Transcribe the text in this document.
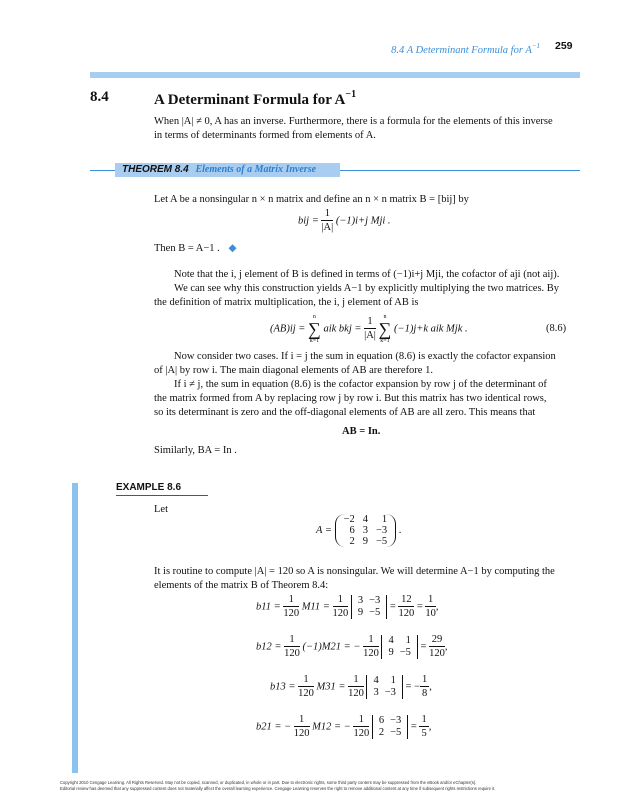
8.4 A Determinant Formula for $A^{-1}$ 259
8.4	A Determinant Formula for $A^{-1}$
When |A| ≠ 0, A has an inverse. Furthermore, there is a formula for the elements of this inverse
in terms of determinants formed from elements of A.
THEOREM 8.4 Elements of a Matrix Inverse
Let A be a nonsingular n × n matrix and define an n × n matrix B = [bij] by
bij = $\frac{1}{|A|} (-1)i+j$ Mji .
Then B = A−1 . ◆
Note that the i, j element of B is defined in terms of (−1)i+j Mji, the cofactor of aji (not aij).
We can see why this construction yields A−1 by explicitly multiplying the two matrices. By
the definition of matrix multiplication, the i, j element of AB is
(AB)ij =
n
∑
k=1
aik bkj = $\frac{1}{|A|}$
	n
∑
k=1
(−1)j+k aik Mjk .	(8.6)
Now consider two cases. If i = j the sum in equation (8.6) is exactly the cofactor expansion
of |A| by row i. The main diagonal elements of AB are therefore 1.
If i ≠ j, the sum in equation (8.6) is the cofactor expansion by row j of the determinant of
the matrix formed from A by replacing row j by row i. But this matrix has two identical rows,
so its determinant is zero and the off-diagonal elements of AB are all zero. This means that
AB = In.
Similarly, BA = In .
EXAMPLE 8.6
Let
A =
−2	4	1
6	3	−3
2	9	−5
.
It is routine to compute |A| = 120 so A is nonsingular. We will determine A−1 by computing the
elements of the matrix B of Theorem 8.4:
$b11 = \frac{1}{120} M11 = \frac{1}{120}$
3	−3
9	−5
= $\frac{12}{120} = \frac{1}{10}$ ,
$b12 = \frac{1}{120} (-1)M21$ = − $\frac{1}{120}$
4	1
9	−5
= $\frac{29}{120}$ ,
$b13 = \frac{1}{120} M31 = \frac{1}{120}$
4	1
3	−3
= − $\frac{1}{8}$ ,
b21 = − $\frac{1}{120} M12$ = − $\frac{1}{120}$
6	−3
2	−5
= $\frac{1}{5}$ ,
Copyright 2010 Cengage Learning. All Rights Reserved. May not be copied, scanned, or duplicated, in whole or in part. Due to electronic rights, some third party content may be suppressed from the eBook and/or eChapter(s).
Editorial review has deemed that any suppressed content does not materially affect the overall learning experience. Cengage Learning reserves the right to remove additional content at any time if subsequent rights restrictions require it.
